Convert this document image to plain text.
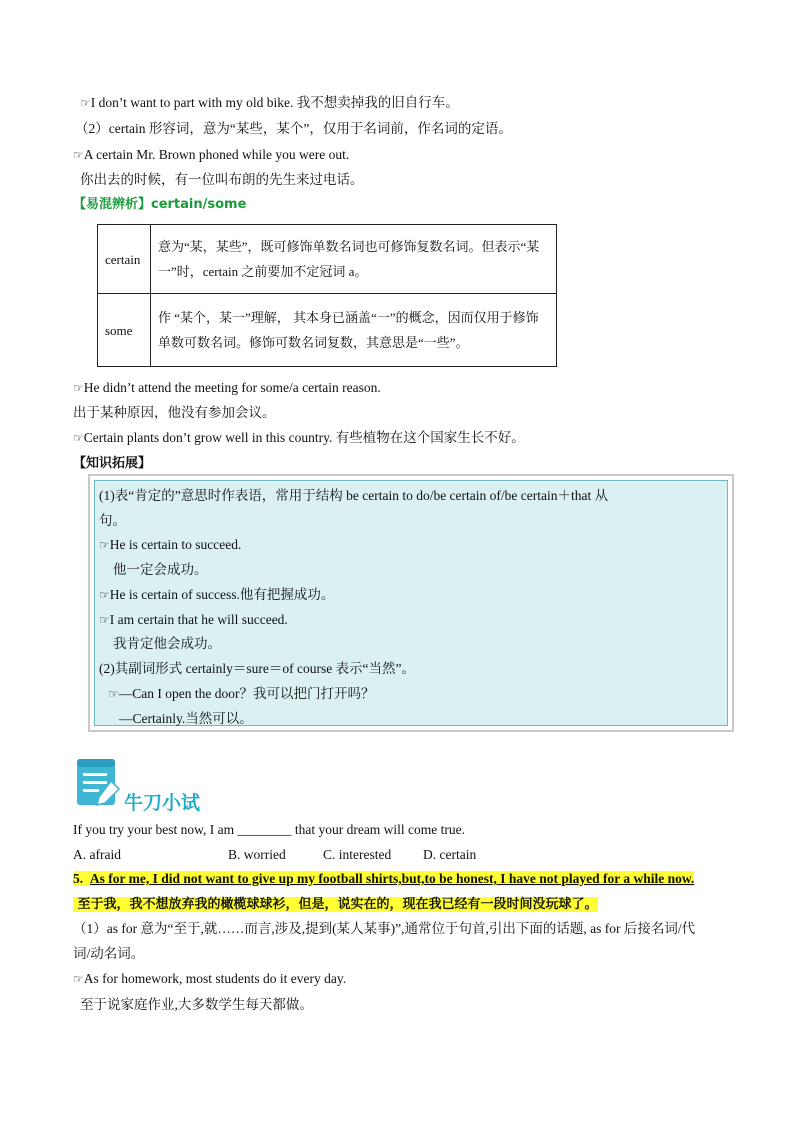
☞I don’t want to part with my old bike. 我不想卖掉我的旧自行车。
（2）certain 形容词，意为“某些，某个”，仅用于名词前，作名词的定语。
☞A certain Mr. Brown phoned while you were out.
你出去的时候，有一位叫布朗的先生来过电话。
【易混辨析】certain/some
certain	意为“某，某些”，既可修饰单数名词也可修饰复数名词。但表示“某一”时，certain 之前要加不定冠词 a。
some	作 “某个，某一”理解， 其本身已涵盖“一”的概念，因而仅用于修饰单数可数名词。修饰可数名词复数，其意思是“一些”。
☞He didn’t attend the meeting for some/a certain reason.
出于某种原因，他没有参加会议。
☞Certain plants don’t grow well in this country. 有些植物在这个国家生长不好。
【知识拓展】
(1)表“肯定的”意思时作表语，常用于结构 be certain to do/be certain of/be certain＋that 从
句。
☞He is certain to succeed.
他一定会成功。
☞He is certain of success.他有把握成功。
☞I am certain that he will succeed.
我肯定他会成功。
(2)其副词形式 certainly＝sure＝of course 表示“当然”。
☞—Can I open the door？我可以把门打开吗？
—Certainly.当然可以。
牛刀小试
If you try your best now, I am ________ that your dream will come true.
A. afraid	B. worried	C. interested D. certain
5. As for me, I did not want to give up my football shirts,but,to be honest, I have not played for a while now.
至于我，我不想放弃我的橄榄球球衫，但是，说实在的，现在我已经有一段时间没玩球了。
（1）as for 意为“至于,就……而言,涉及,提到(某人某事)”,通常位于句首,引出下面的话题, as for 后接名词/代
词/动名词。
☞As for homework, most students do it every day.
至于说家庭作业,大多数学生每天都做。
